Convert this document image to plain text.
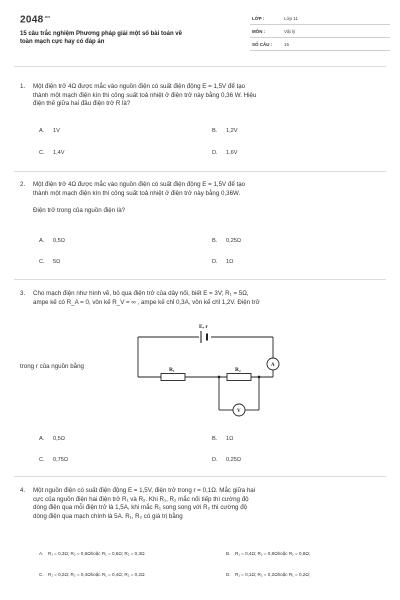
$2048^{.vn}$
15 câu trắc nghiệm Phương pháp giải một số bài toán về
toàn mạch cực hay có đáp án
LỚP :	Lớp 11
MÔN :	Vật lý
SỐ CÂU :	15
1. Một điện trở 4Ω được mắc vào nguồn điện có suất điện động E = 1,5V để tạo
thành một mạch điện kín thì công suất toả nhiệt ở điện trở này bằng 0,36 W. Hiệu
điện thế giữa hai đầu điện trở R là?
A. 1V	B. 1,2V
C. 1,4V	D. 1,6V
2. Một điện trở 4Ω được mắc vào nguồn điện có suất điện động E = 1,5V để tạo
thành một mạch điện kín thì công suất toả nhiệt ở điện trở này bằng 0,36W.
Điện trở trong của nguồn điện là?
A. 0,5Ω	B. 0,25Ω
C. 5Ω	D. 1Ω
3. Cho mạch điện như hình vẽ, bỏ qua điện trở của dây nối, biết E = 3V; R₁ = 5Ω,
ampe kế có R_A = 0, vôn kế R_V = ∞ , ampe kế chỉ 0,3A, vôn kế chỉ 1,2V. Điện trở
trong r của nguồn bằng
E, r
R₁	R₂
A
V
A. 0,5Ω	B. 1Ω
C. 0,75Ω	D. 0,25Ω
4. Một nguồn điện có suất điện động E = 1,5V, điện trở trong r = 0,1Ω. Mắc giữa hai
cực của nguồn điện hai điện trở R₁ và R₂. Khi R₁, R₂ mắc nối tiếp thì cường độ
dòng điện qua mỗi điện trở là 1,5A, khi mắc R₁ song song với R₂ thì cường độ
dòng điện qua mạch chính là 5A. R₁, R₂ có giá trị bằng
A. R₁ = 0,3Ω; R₂ = 0,6Ωhoặc R₁ = 0,6Ω; R₂ = 0,3Ω	B. R₁ = 0,4Ω; R₂ = 0,8Ωhoặc R₁ = 0,8Ω;
C. R₁ = 0,2Ω; R₂ = 0,4Ωhoặc R₁ = 0,4Ω; R₂ = 0,2Ω	D. R₁ = 0,1Ω; R₂ = 0,2Ωhoặc R₁ = 0,2Ω;
